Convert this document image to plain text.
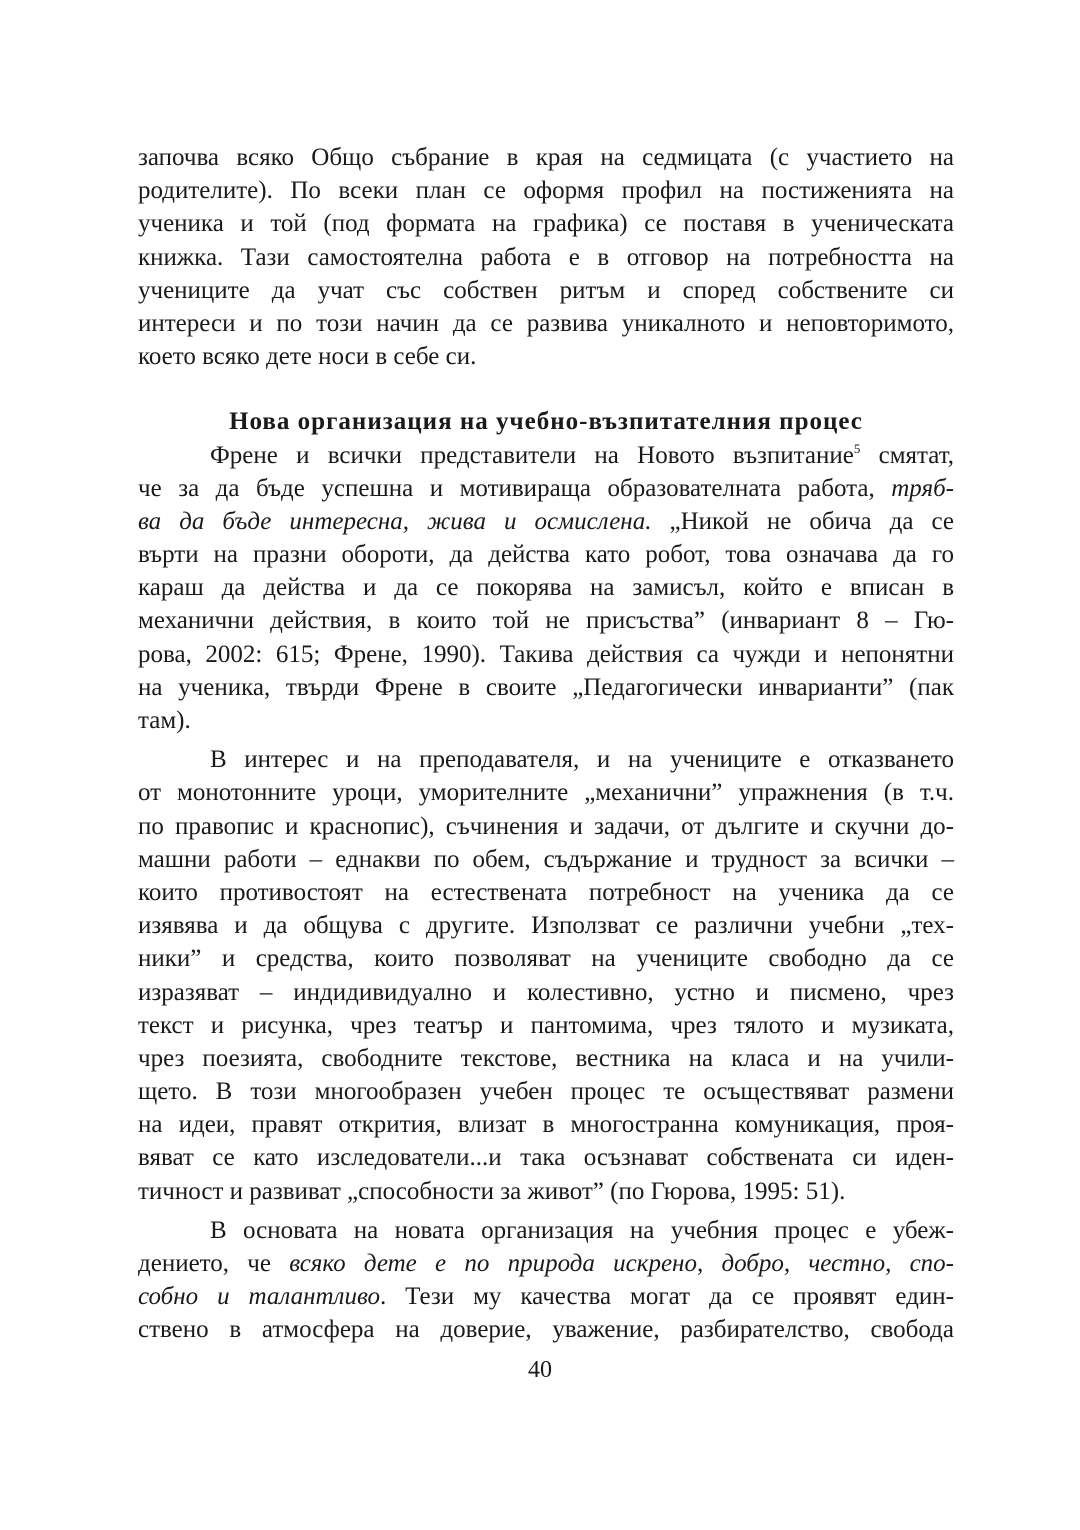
започва всяко Общо събрание в края на седмицата (с участието на
родителите). По всеки план се оформя профил на постиженията на
ученика и той (под формата на графика) се поставя в ученическата
книжка. Тази самостоятелна работа е в отговор на потребността на
учениците да учат със собствен ритъм и според собствените си
интереси и по този начин да се развива уникалното и неповторимото,
което всяко дете носи в себе си.
Нова организация на учебно-възпитателния процес
Френе и всички представители на Новото възпитание$^5$ смятат,
че за да бъде успешна и мотивираща образователната работа, тряб-
ва да бъде интересна, жива и осмислена. „Никой не обича да се
върти на празни обороти, да действа като робот, това означава да го
караш да действа и да се покорява на замисъл, който е вписан в
механични действия, в които той не присъства” (инвариант 8 – Гю-
рова, 2002: 615; Френе, 1990). Такива действия са чужди и непонятни
на ученика, твърди Френе в своите „Педагогически инварианти” (пак
там).
В интерес и на преподавателя, и на учениците е отказването
от монотонните уроци, уморителните „механични” упражнения (в т.ч.
по правопис и краснопис), съчинения и задачи, от дългите и скучни до-
машни работи – еднакви по обем, съдържание и трудност за всички –
които противостоят на естествената потребност на ученика да се
изявява и да общува с другите. Използват се различни учебни „тех-
ники” и средства, които позволяват на учениците свободно да се
изразяват – индидивидуално и колестивно, устно и писмено, чрез
текст и рисунка, чрез театър и пантомима, чрез тялото и музиката,
чрез поезията, свободните текстове, вестника на класа и на учили-
щето. В този многообразен учебен процес те осъществяват размени
на идеи, правят открития, влизат в многостранна комуникация, проя-
вяват се като изследователи...и така осъзнават собствената си иден-
тичност и развиват „способности за живот” (по Гюрова, 1995: 51).
В основата на новата организация на учебния процес е убеж-
дението, че всяко дете е по природа искрено, добро, честно, спо-
собно и талантливо. Тези му качества могат да се проявят един-
ствено в атмосфера на доверие, уважение, разбирателство, свобода
40
